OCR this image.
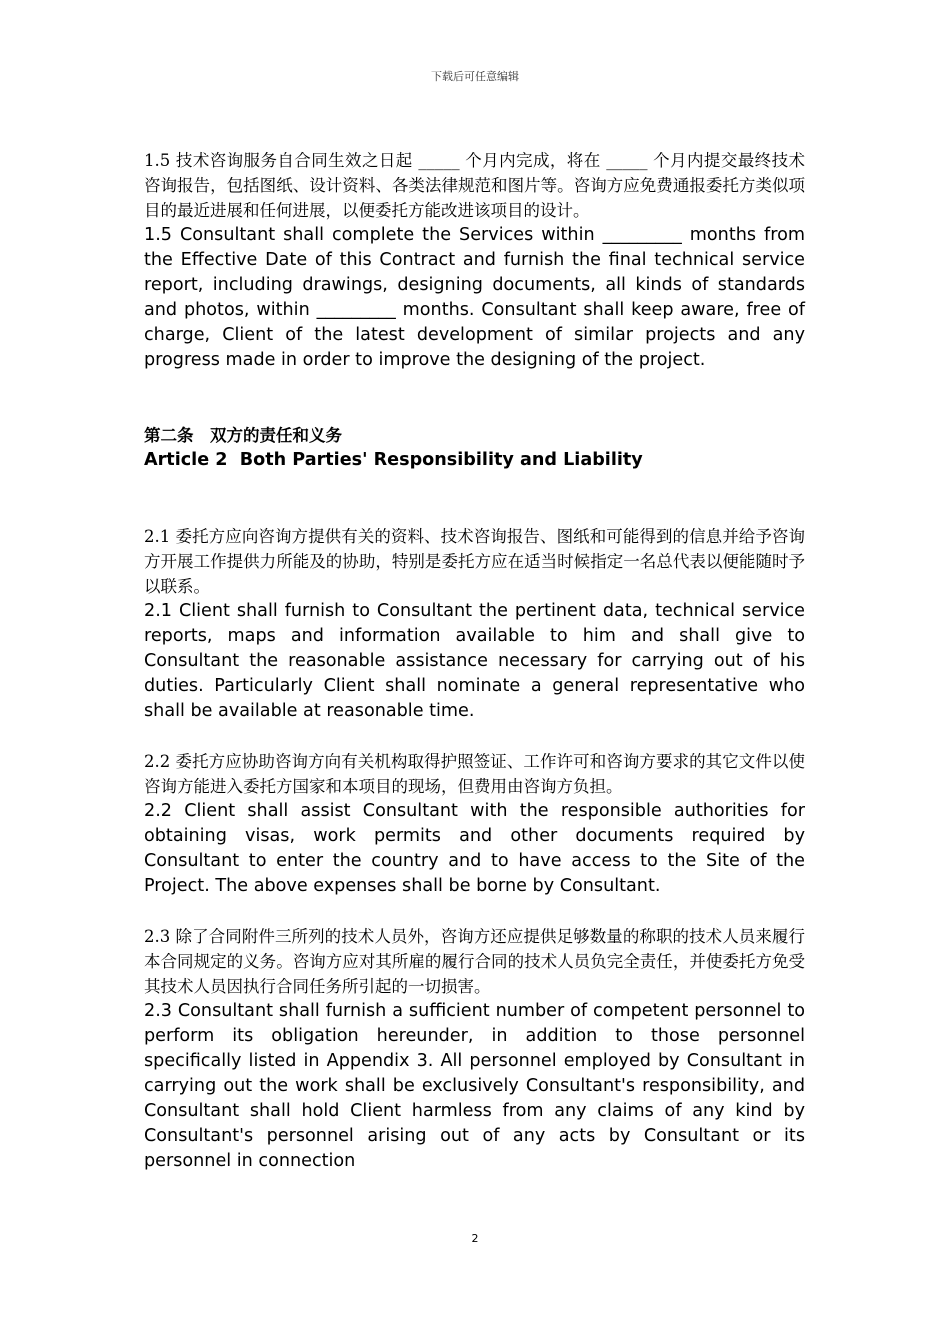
下载后可任意编辑

1.5 技术咨询服务自合同生效之日起 _____ 个月内完成，将在 _____ 个月内提交最终技术咨询报告，包括图纸、设计资料、各类法律规范和图片等。咨询方应免费通报委托方类似项目的最近进展和任何进展，以便委托方能改进该项目的设计。

1.5 Consultant shall complete the Services within _________ months from the Effective Date of this Contract and furnish the final technical service report, including drawings, designing documents, all kinds of standards and photos, within _________ months. Consultant shall keep aware, free of charge, Client of the latest development of similar projects and any progress made in order to improve the designing of the project.

第二条　双方的责任和义务

Article 2  Both Parties' Responsibility and Liability

2.1 委托方应向咨询方提供有关的资料、技术咨询报告、图纸和可能得到的信息并给予咨询方开展工作提供力所能及的协助，特别是委托方应在适当时候指定一名总代表以便能随时予以联系。

2.1 Client shall furnish to Consultant the pertinent data, technical service reports, maps and information available to him and shall give to Consultant the reasonable assistance necessary for carrying out of his duties. Particularly Client shall nominate a general representative who shall be available at reasonable time.

2.2 委托方应协助咨询方向有关机构取得护照签证、工作许可和咨询方要求的其它文件以使咨询方能进入委托方国家和本项目的现场，但费用由咨询方负担。

2.2 Client shall assist Consultant with the responsible authorities for obtaining visas, work permits and other documents required by Consultant to enter the country and to have access to the Site of the Project. The above expenses shall be borne by Consultant.

2.3 除了合同附件三所列的技术人员外，咨询方还应提供足够数量的称职的技术人员来履行本合同规定的义务。咨询方应对其所雇的履行合同的技术人员负完全责任，并使委托方免受其技术人员因执行合同任务所引起的一切损害。

2.3 Consultant shall furnish a sufficient number of competent personnel to perform its obligation hereunder, in addition to those personnel specifically listed in Appendix 3. All personnel employed by Consultant in carrying out the work shall be exclusively Consultant's responsibility, and Consultant shall hold Client harmless from any claims of any kind by Consultant's personnel arising out of any acts by Consultant or its personnel in connection

2
